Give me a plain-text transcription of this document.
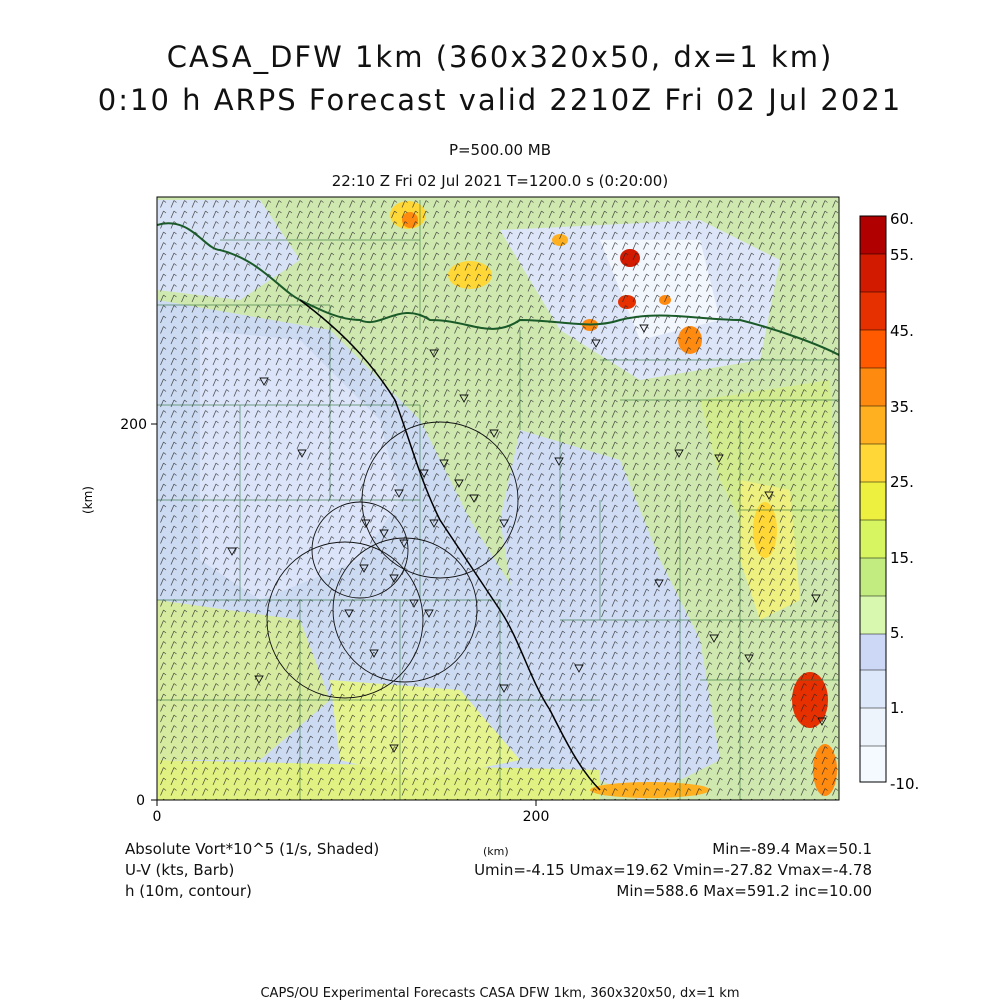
CASA_DFW 1km (360x320x50, dx=1 km)
0:10 h ARPS Forecast valid 2210Z Fri 02 Jul 2021
P=500.00 MB
22:10 Z Fri 02 Jul 2021 T=1200.0 s (0:20:00)
0	200
0
200
(km)
60.
55.
45.
35.
25.
15.
5.
1.
-10.
Absolute Vort*10^5 (1/s, Shaded)	(km)	Min=-89.4 Max=50.1
U-V (kts, Barb)	Umin=-4.15 Umax=19.62 Vmin=-27.82 Vmax=-4.78
h (10m, contour)	Min=588.6 Max=591.2 inc=10.00
CAPS/OU Experimental Forecasts CASA DFW 1km, 360x320x50, dx=1 km
